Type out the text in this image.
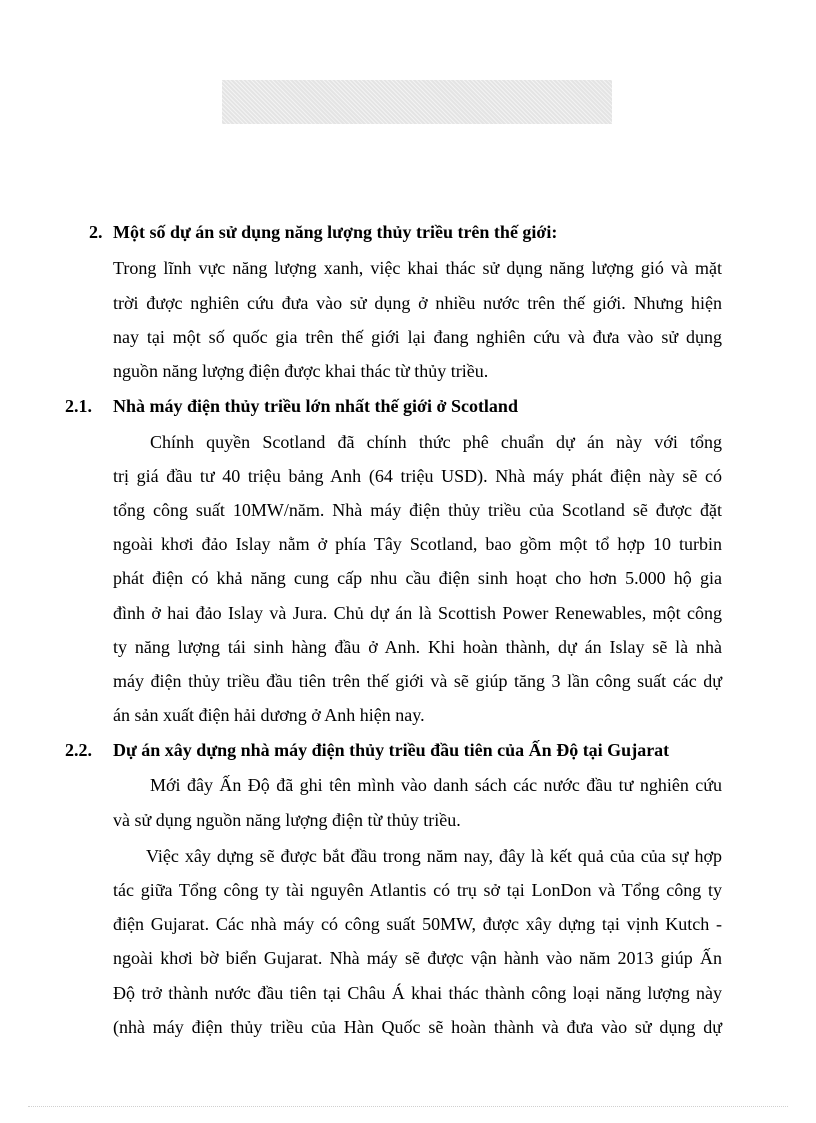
2. Một số dự án sử dụng năng lượng thủy triều trên thế giới:
Trong lĩnh vực năng lượng xanh, việc khai thác sử dụng năng lượng gió và mặt
trời được nghiên cứu đưa vào sử dụng ở nhiều nước trên thế giới. Nhưng hiện
nay tại một số quốc gia trên thế giới lại đang nghiên cứu và đưa vào sử dụng
nguồn năng lượng điện được khai thác từ thủy triều.
2.1. Nhà máy điện thủy triều lớn nhất thế giới ở Scotland
Chính quyền Scotland đã chính thức phê chuẩn dự án này với tổng
trị giá đầu tư 40 triệu bảng Anh (64 triệu USD). Nhà máy phát điện này sẽ có
tổng công suất 10MW/năm. Nhà máy điện thủy triều của Scotland sẽ được đặt
ngoài khơi đảo Islay nằm ở phía Tây Scotland, bao gồm một tổ hợp 10 turbin
phát điện có khả năng cung cấp nhu cầu điện sinh hoạt cho hơn 5.000 hộ gia
đình ở hai đảo Islay và Jura. Chủ dự án là Scottish Power Renewables, một công
ty năng lượng tái sinh hàng đầu ở Anh. Khi hoàn thành, dự án Islay sẽ là nhà
máy điện thủy triều đầu tiên trên thế giới và sẽ giúp tăng 3 lần công suất các dự
án sản xuất điện hải dương ở Anh hiện nay.
2.2. Dự án xây dựng nhà máy điện thủy triều đầu tiên của Ấn Độ tại Gujarat
Mới đây Ấn Độ đã ghi tên mình vào danh sách các nước đầu tư nghiên cứu
và sử dụng nguồn năng lượng điện từ thủy triều.
Việc xây dựng sẽ được bắt đầu trong năm nay, đây là kết quả của của sự hợp
tác giữa Tổng công ty tài nguyên Atlantis có trụ sở tại LonDon và Tổng công ty
điện Gujarat. Các nhà máy có công suất 50MW, được xây dựng tại vịnh Kutch -
ngoài khơi bờ biển Gujarat. Nhà máy sẽ được vận hành vào năm 2013 giúp Ấn
Độ trở thành nước đầu tiên tại Châu Á khai thác thành công loại năng lượng này
(nhà máy điện thủy triều của Hàn Quốc sẽ hoàn thành và đưa vào sử dụng dự
